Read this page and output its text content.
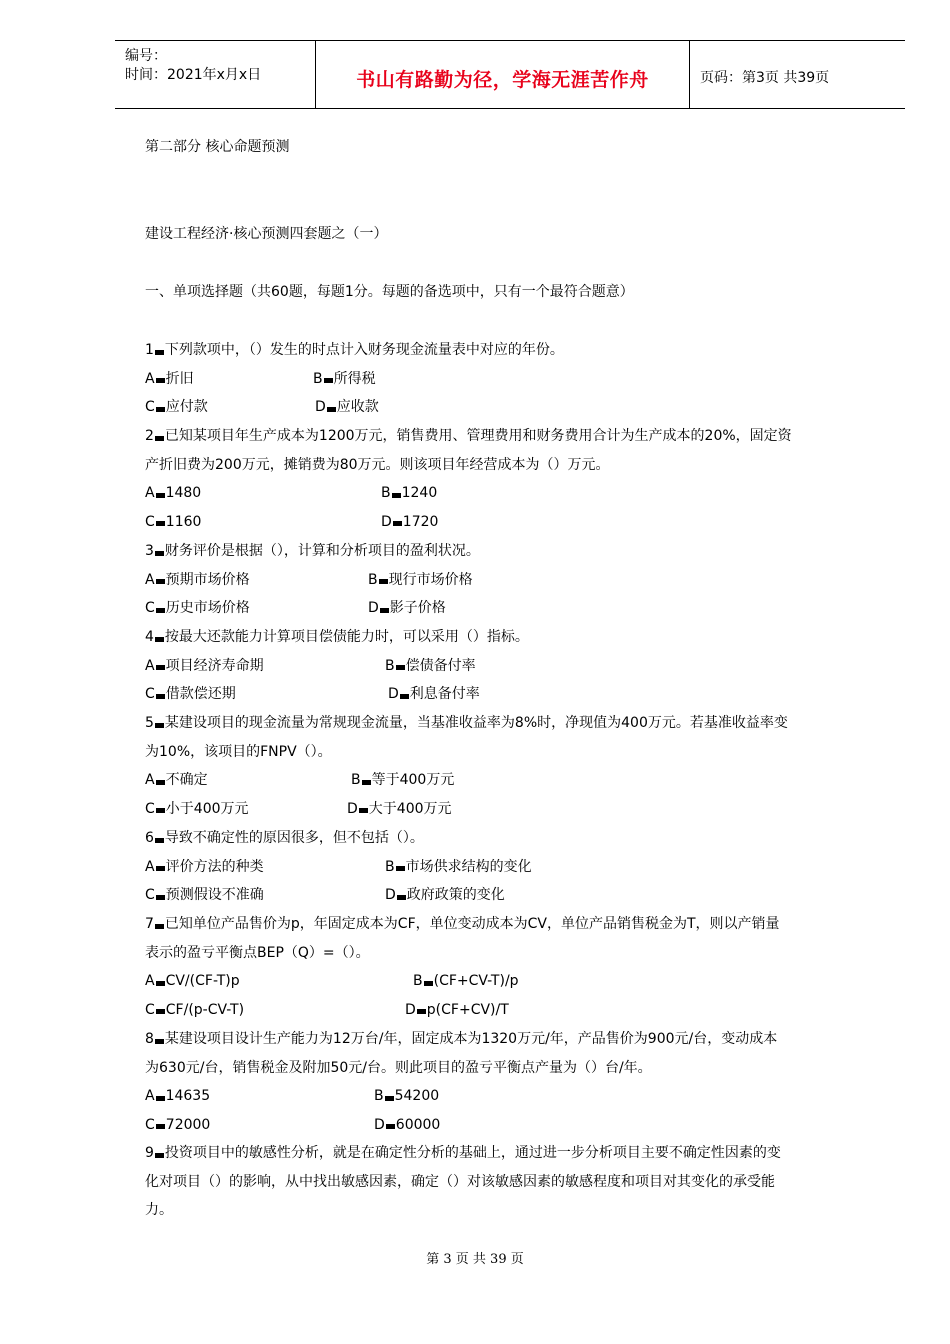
编号：
时间：2021年x月x日	书山有路勤为径，学海无涯苦作舟	页码：第3页 共39页
第二部分 核心命题预测
建设工程经济·核心预测四套题之（一）
一、单项选择题（共60题，每题1分。每题的备选项中，只有一个最符合题意）
1 下列款项中，（）发生的时点计入财务现金流量表中对应的年份。
A 折旧	B 所得税
C 应付款	D 应收款
2 已知某项目年生产成本为1200万元，销售费用、管理费用和财务费用合计为生产成本的20%，固定资
产折旧费为200万元，摊销费为80万元。则该项目年经营成本为（）万元。
A 1480	B 1240
C 1160	D 1720
3 财务评价是根据（），计算和分析项目的盈利状况。
A 预期市场价格	B 现行市场价格
C 历史市场价格	D 影子价格
4 按最大还款能力计算项目偿债能力时，可以采用（）指标。
A 项目经济寿命期	B 偿债备付率
C 借款偿还期	D 利息备付率
5 某建设项目的现金流量为常规现金流量，当基准收益率为8%时，净现值为400万元。若基准收益率变
为10%，该项目的FNPV（）。
A 不确定	B 等于400万元
C 小于400万元	D 大于400万元
6 导致不确定性的原因很多，但不包括（）。
A 评价方法的种类	B 市场供求结构的变化
C 预测假设不准确	D 政府政策的变化
7 已知单位产品售价为p，年固定成本为CF，单位变动成本为CV，单位产品销售税金为T，则以产销量
表示的盈亏平衡点BEP（Q）=（）。
A CV/(CF-T)p	B (CF+CV-T)/p
C CF/(p-CV-T)	D p(CF+CV)/T
8 某建设项目设计生产能力为12万台/年，固定成本为1320万元/年，产品售价为900元/台，变动成本
为630元/台，销售税金及附加50元/台。则此项目的盈亏平衡点产量为（）台/年。
A 14635	B 54200
C 72000	D 60000
9 投资项目中的敏感性分析，就是在确定性分析的基础上，通过进一步分析项目主要不确定性因素的变
化对项目（）的影响，从中找出敏感因素，确定（）对该敏感因素的敏感程度和项目对其变化的承受能
力。
第 3 页 共 39 页
